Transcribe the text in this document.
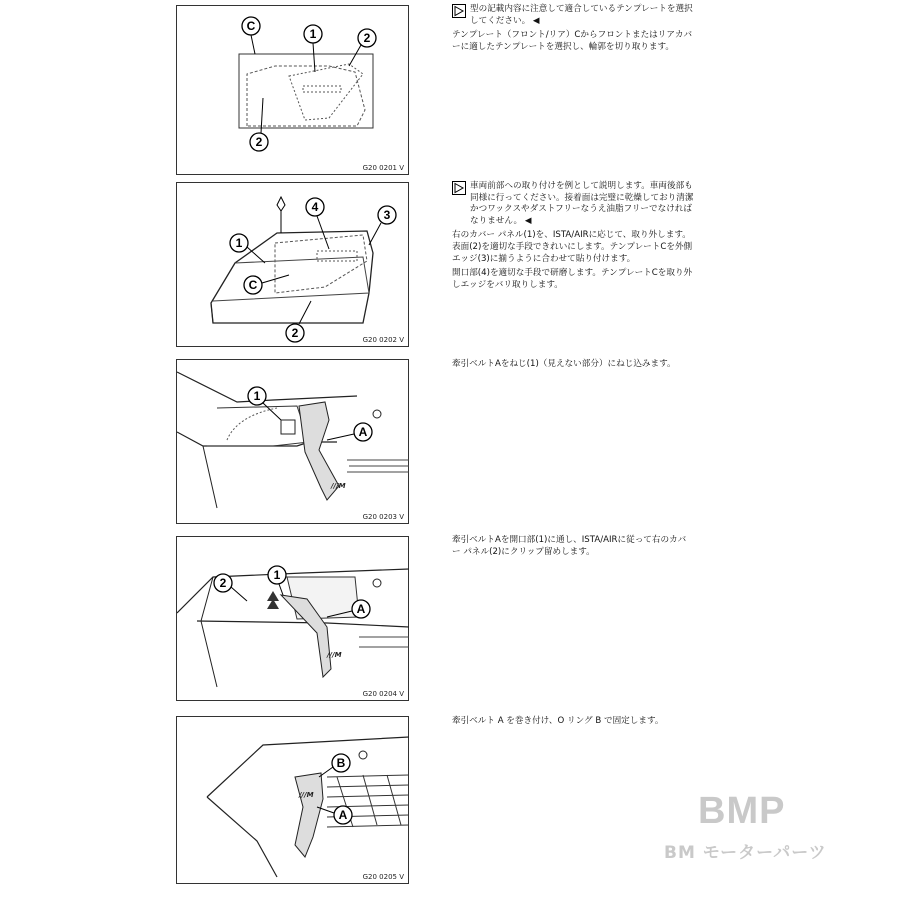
C
1	2
2
G20 0201 V
4
3
1
C
2	G20 0202 V
///M
1
A
G20 0203 V
///M
2
1
A
G20 0204 V
///M
B
A
G20 0205 V

型の記載内容に注意して適合しているテンプレートを選択してください。 ◀

テンプレート（フロント/リア）Cからフロントまたはリアカバーに適したテンプレートを選択し、輪郭を切り取ります。

車両前部への取り付けを例として説明します。車両後部も同様に行ってください。接着面は完璧に乾燥しており清潔かつワックスやダストフリーなうえ油脂フリーでなければなりません。 ◀

右のカバー パネル(1)を、ISTA/AIRに応じて、取り外します。表面(2)を適切な手段できれいにします。テンプレートCを外側エッジ(3)に揃うように合わせて貼り付けます。

開口部(4)を適切な手段で研磨します。テンプレートCを取り外しエッジをバリ取りします。

牽引ベルトAをねじ(1)（見えない部分）にねじ込みます。

牽引ベルトAを開口部(1)に通し、ISTA/AIRに従って右のカバー パネル(2)にクリップ留めします。

牽引ベルト A を巻き付け、O リング B で固定します。

BMP
BM モーターパーツ
